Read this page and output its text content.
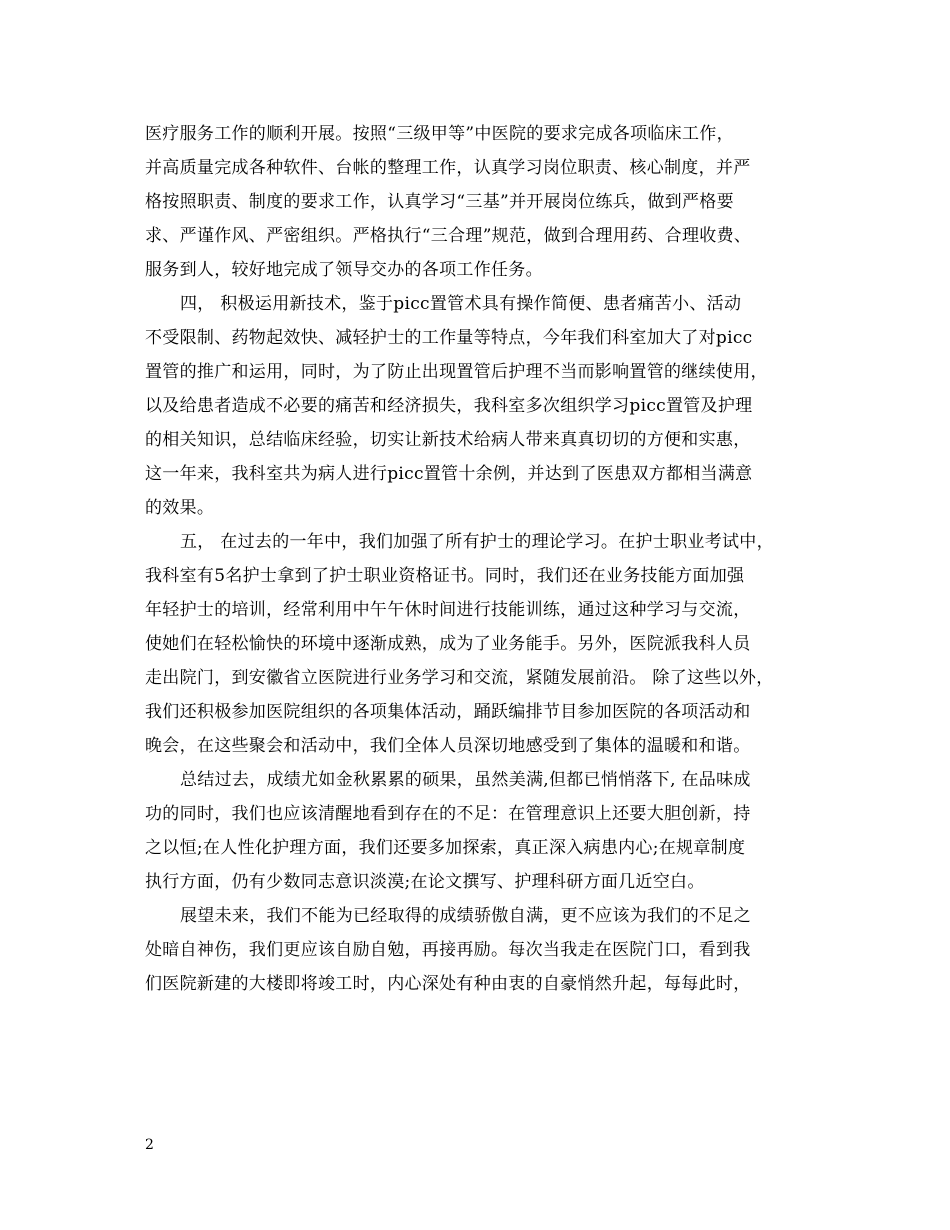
医疗服务工作的顺利开展。按照“三级甲等”中医院的要求完成各项临床工作，
并高质量完成各种软件、台帐的整理工作，认真学习岗位职责、核心制度，并严
格按照职责、制度的要求工作，认真学习“三基”并开展岗位练兵，做到严格要
求、严谨作风、严密组织。严格执行“三合理”规范，做到合理用药、合理收费、
服务到人，较好地完成了领导交办的各项工作任务。
四， 积极运用新技术，鉴于picc置管术具有操作简便、患者痛苦小、活动
不受限制、药物起效快、减轻护士的工作量等特点，今年我们科室加大了对picc
置管的推广和运用，同时，为了防止出现置管后护理不当而影响置管的继续使用，
以及给患者造成不必要的痛苦和经济损失，我科室多次组织学习picc置管及护理
的相关知识，总结临床经验，切实让新技术给病人带来真真切切的方便和实惠，
这一年来，我科室共为病人进行picc置管十余例，并达到了医患双方都相当满意
的效果。
五， 在过去的一年中，我们加强了所有护士的理论学习。在护士职业考试中，
我科室有5名护士拿到了护士职业资格证书。同时，我们还在业务技能方面加强
年轻护士的培训，经常利用中午午休时间进行技能训练，通过这种学习与交流，
使她们在轻松愉快的环境中逐渐成熟，成为了业务能手。另外，医院派我科人员
走出院门，到安徽省立医院进行业务学习和交流，紧随发展前沿。 除了这些以外，
我们还积极参加医院组织的各项集体活动，踊跃编排节目参加医院的各项活动和
晚会，在这些聚会和活动中，我们全体人员深切地感受到了集体的温暖和和谐。
总结过去，成绩尤如金秋累累的硕果，虽然美满,但都已悄悄落下, 在品味成
功的同时，我们也应该清醒地看到存在的不足：在管理意识上还要大胆创新，持
之以恒;在人性化护理方面，我们还要多加探索，真正深入病患内心;在规章制度
执行方面，仍有少数同志意识淡漠;在论文撰写、护理科研方面几近空白。
展望未来，我们不能为已经取得的成绩骄傲自满，更不应该为我们的不足之
处暗自神伤，我们更应该自励自勉，再接再励。每次当我走在医院门口，看到我
们医院新建的大楼即将竣工时，内心深处有种由衷的自豪悄然升起，每每此时，
2
